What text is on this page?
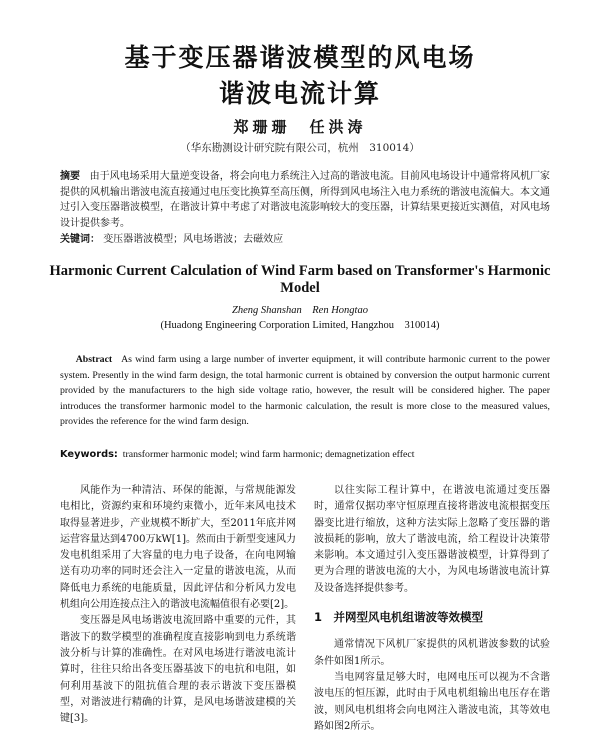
基于变压器谐波模型的风电场
谐波电流计算
郑珊珊　任洪涛
（华东勘测设计研究院有限公司，杭州　310014）
摘要 由于风电场采用大量逆变设备，将会向电力系统注入过高的谐波电流。目前风电场设计中通常将风机厂家提供的风机输出谐波电流直接通过电压变比换算至高压侧，所得到风电场注入电力系统的谐波电流偏大。本文通过引入变压器谐波模型，在谐波计算中考虑了对谐波电流影响较大的变压器，计算结果更接近实测值，对风电场设计提供参考。
关键词： 变压器谐波模型；风电场谐波；去磁效应
Harmonic Current Calculation of Wind Farm based on Transformer's Harmonic Model
Zheng Shanshan　Ren Hongtao
(Huadong Engineering Corporation Limited, Hangzhou　310014)
Abstract As wind farm using a large number of inverter equipment, it will contribute harmonic current to the power system. Presently in the wind farm design, the total harmonic current is obtained by conversion the output harmonic current provided by the manufacturers to the high side voltage ratio, however, the result will be considered higher. The paper introduces the transformer harmonic model to the harmonic calculation, the result is more close to the measured values, provides the reference for the wind farm design.
Keywords: transformer harmonic model; wind farm harmonic; demagnetization effect

风能作为一种清洁、环保的能源，与常规能源发电相比，资源约束和环境约束微小，近年来风电技术取得显著进步，产业规模不断扩大，至2011年底并网运营容量达到4700万kW[1]。然而由于新型变速风力发电机组采用了大容量的电力电子设备，在向电网输送有功功率的同时还会注入一定量的谐波电流，从而降低电力系统的电能质量，因此评估和分析风力发电机组向公用连接点注入的谐波电流幅值很有必要[2]。

变压器是风电场谐波电流回路中重要的元件，其谐波下的数学模型的准确程度直接影响到电力系统谐波分析与计算的准确性。在对风电场进行谐波电流计算时，往往只给出各变压器基波下的电抗和电阻，如何利用基波下的阻抗值合理的表示谐波下变压器模型，对谐波进行精确的计算，是风电场谐波建模的关键[3]。

以往实际工程计算中，在谐波电流通过变压器时，通常仅据功率守恒原理直接将谐波电流根据变压器变比进行缩放，这种方法实际上忽略了变压器的谐波损耗的影响，放大了谐波电流，给工程设计决策带来影响。本文通过引入变压器谐波模型，计算得到了更为合理的谐波电流的大小，为风电场谐波电流计算及设备选择提供参考。

1　并网型风电机组谐波等效模型

通常情况下风机厂家提供的风机谐波参数的试验条件如图1所示。

当电网容量足够大时，电网电压可以视为不含谐波电压的恒压源，此时由于风电机组输出电压存在谐波，则风电机组将会向电网注入谐波电流，其等效电路如图2所示。
